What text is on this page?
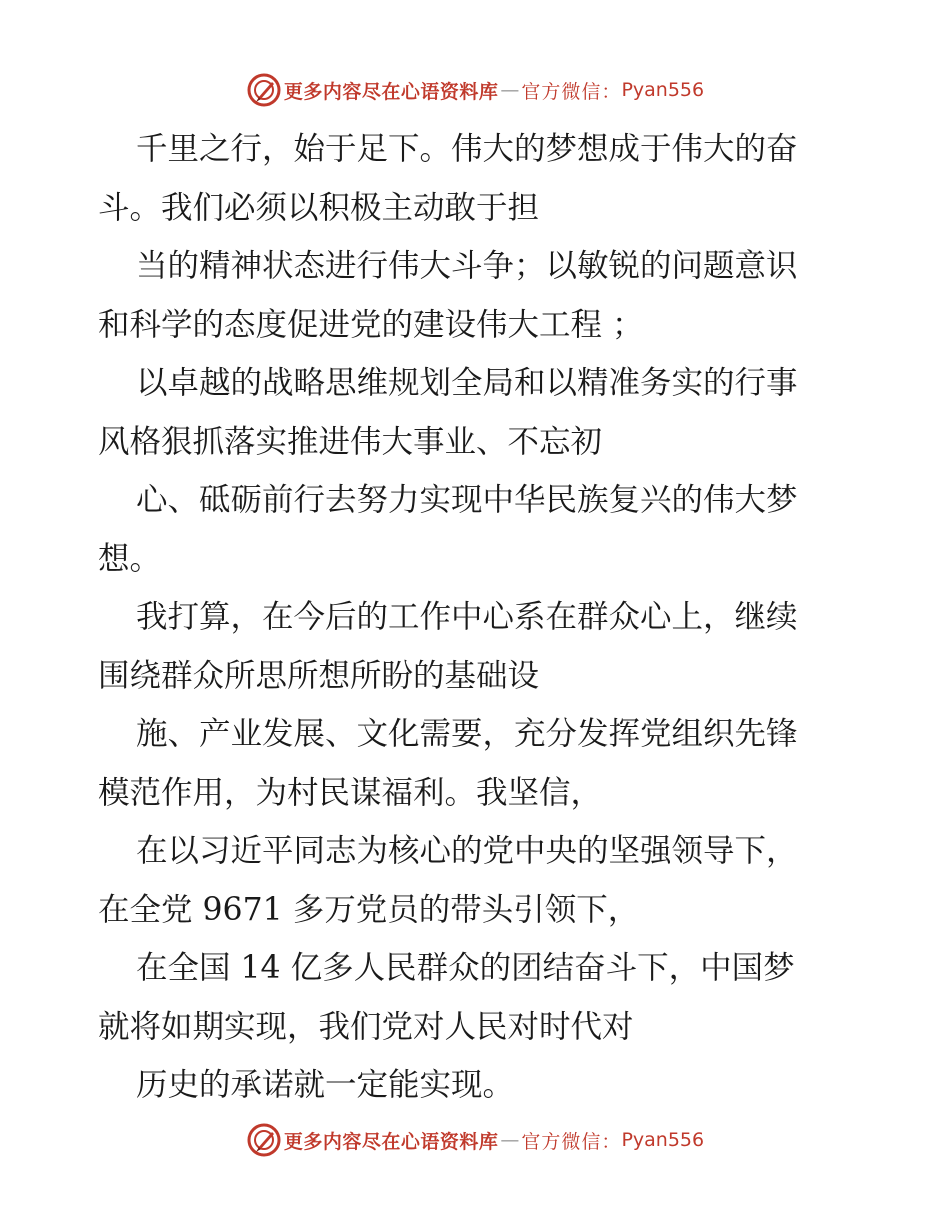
更多内容尽在心语资料库 — 官方微信： Pyan556
千里之行，始于足下。伟大的梦想成于伟大的奋
斗。我们必须以积极主动敢于担
当的精神状态进行伟大斗争；以敏锐的问题意识
和科学的态度促进党的建设伟大工程 ；
以卓越的战略思维规划全局和以精准务实的行事
风格狠抓落实推进伟大事业、不忘初
心、砥砺前行去努力实现中华民族复兴的伟大梦
想。
我打算，在今后的工作中心系在群众心上，继续
围绕群众所思所想所盼的基础设
施、产业发展、文化需要，充分发挥党组织先锋
模范作用，为村民谋福利。我坚信，
在以习近平同志为核心的党中央的坚强领导下，
在全党 9671 多万党员的带头引领下，
在全国 14 亿多人民群众的团结奋斗下，中国梦
就将如期实现，我们党对人民对时代对
历史的承诺就一定能实现。
更多内容尽在心语资料库 — 官方微信： Pyan556
